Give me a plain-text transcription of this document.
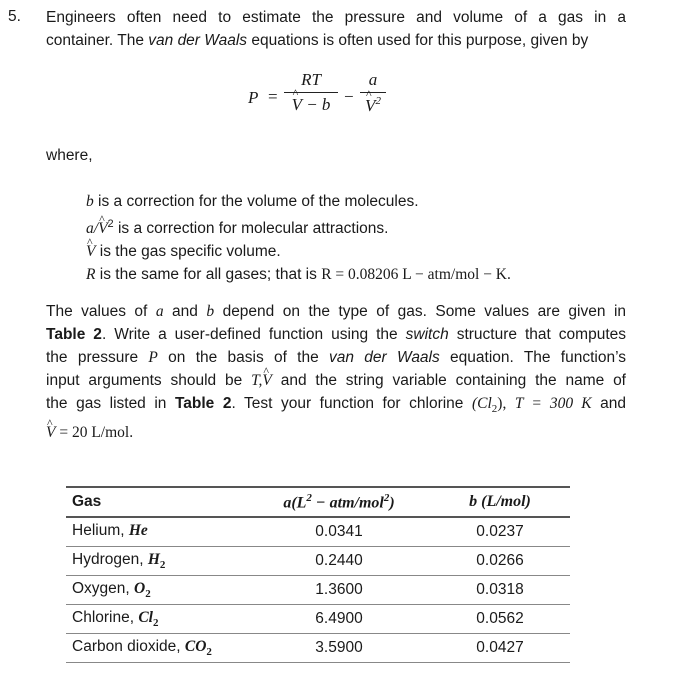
5. Engineers often need to estimate the pressure and volume of a gas in a
container. The van der Waals equations is often used for this purpose, given by
P =
RT
^ V − b −
a
^ $V^2$
where,
b is a correction for the volume of the molecules.
a/^ $V^2$ is a correction for molecular attractions.
^ V is the gas specific volume.
R is the same for all gases; that is R = 0.08206 L − atm/mol − K.
The values of a and b depend on the type of gas. Some values are given in
Table 2. Write a user-defined function using the switch structure that computes
the pressure P on the basis of the van der Waals equation. The function’s
input arguments should be T,^ V and the string variable containing the name of
the gas listed in Table 2. Test your function for chlorine $(Cl_2)$, T = 300 K and
^ V = 20 L/mol.
Gas	$a(L^2 - atm/mol^2)$	b (L/mol)
Helium, He	0.0341	0.0237
Hydrogen, $H_2$	0.2440	0.0266
Oxygen, $O_2$	1.3600	0.0318
Chlorine, $Cl_2$	6.4900	0.0562
Carbon dioxide, $CO_2$	3.5900	0.0427
